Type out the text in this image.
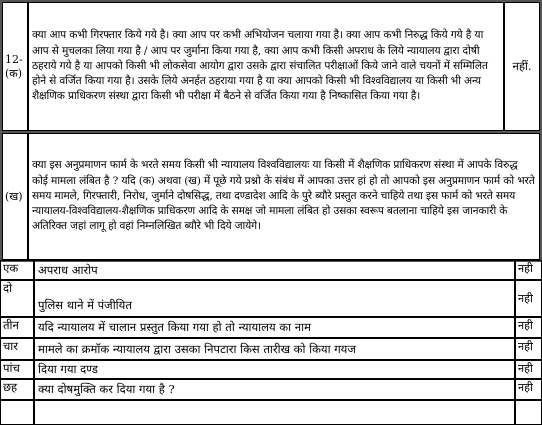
12-(क)	क्या आप कभी गिरफ्तार किये गये है। क्या आप पर कभी अभियोजन चलाया गया है। क्या आप कभी निरुद्ध किये गये है या आप से मुचलका लिया गया है / आप पर जुर्माना किया गया है, क्या आप कभी किसी अपराध के लिये न्यायालय द्वारा दोषी ठहराये गये है या आपको किसी भी लोकसेवा आयोग द्वारा उसके द्वारा संचालित परीक्षाओं किये जाने वाले चयनों में सम्मिलित होने से वर्जित किया गया है। उसके लिये अनर्हत ठहराया गया है या क्या आपको किसी भी विश्वविद्यालय या किसी भी अन्य शैक्षणिक प्राधिकरण संस्था द्वारा किसी भी परीक्षा में बैठने से वर्जित किया गया है निष्कासित किया गया है।	नहीं.
(ख)	क्या इस अनुप्रमाणन फार्म के भरते समय किसी भी न्यायालय विश्वविद्यालयः या किसी में शैक्षणिक प्राधिकरण संस्था में आपके विरुद्ध कोई मामला लंबित है ? यदि (क) अथवा (ख) में पूछे गये प्रश्नो के संबंध में आपका उत्तर हां हो तो आपको इस अनुप्रमाणन फार्म को भरते समय मामले, गिरफ्तारी, निरोध, जुर्माने दोषसिद्ध, तथा दण्डादेश आदि के पुरे ब्यौरे प्रस्तुत करने चाहिये तथा इस फार्म को भरते समय न्यायालय-विश्वविद्यालय-शैक्षणिक प्राधिकरण आदि के समक्ष जो मामला लंबित हो उसका स्वरूप बतलाना चाहिये इस जानकारी के अतिरिक्त जहां लागू हो वहां निम्नलिखित ब्यौरे भी दिये जायेगे।
एक	अपराध आरोप	नही
दो	पुलिस थाने में पंजीयित	नही
तीन	यदि न्यायालय में चालान प्रस्तुत किया गया हो तो न्यायालय का नाम	नही
चार	मामले का क्रमॉक न्यायालय द्वारा उसका निपटारा किस तारीख को किया गयज	नही
पांच	दिया गया दण्ड	नही
छह	क्या दोषमुक्ति कर दिया गया है ?	नही
